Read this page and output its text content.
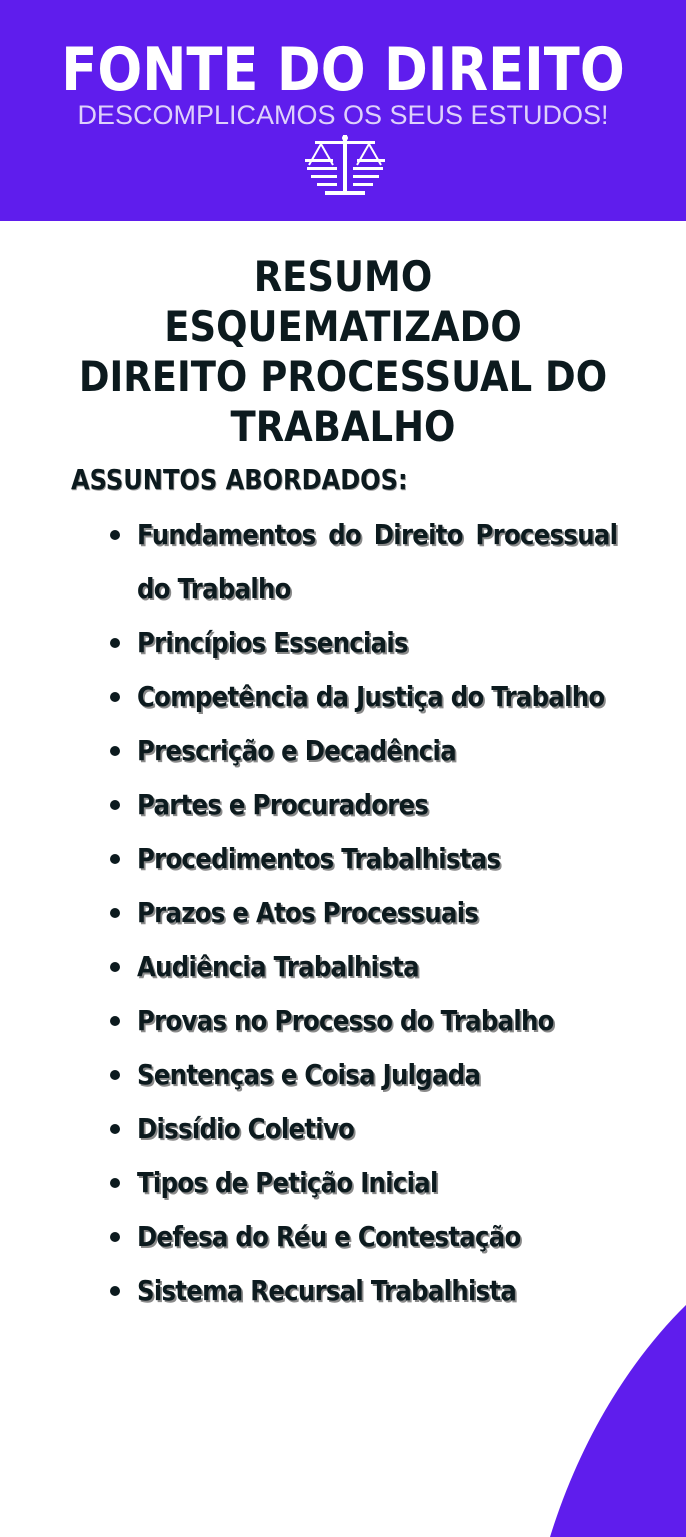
FONTE DO DIREITO
DESCOMPLICAMOS OS SEUS ESTUDOS!
RESUMO ESQUEMATIZADO
DIREITO PROCESSUAL DO
TRABALHO
ASSUNTOS ABORDADOS:
Fundamentos do Direito Processual do Trabalho
Princípios Essenciais
Competência da Justiça do Trabalho
Prescrição e Decadência
Partes e Procuradores
Procedimentos Trabalhistas
Prazos e Atos Processuais
Audiência Trabalhista
Provas no Processo do Trabalho
Sentenças e Coisa Julgada
Dissídio Coletivo
Tipos de Petição Inicial
Defesa do Réu e Contestação
Sistema Recursal Trabalhista
